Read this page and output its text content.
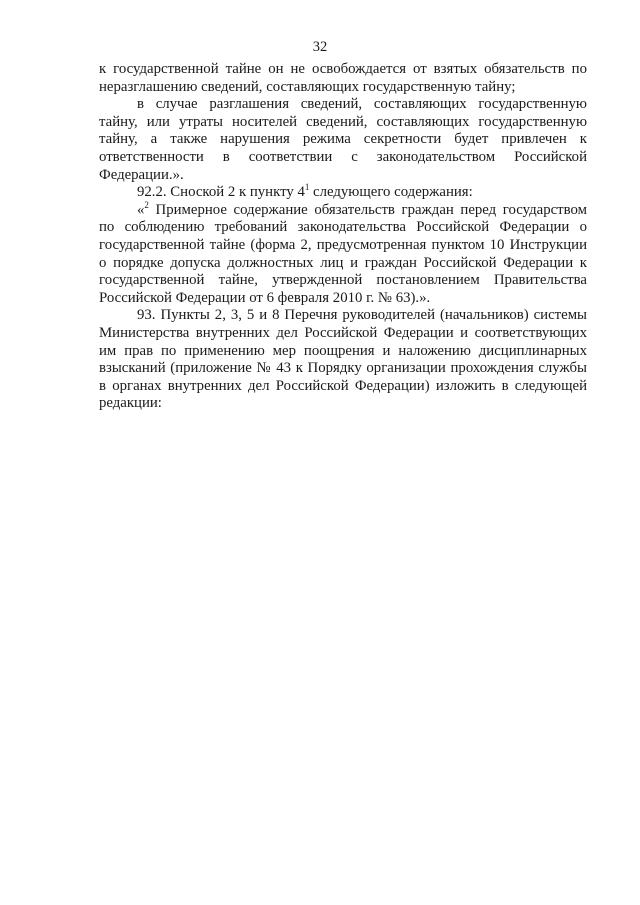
32

к государственной тайне он не освобождается от взятых обязательств по неразглашению сведений, составляющих государственную тайну;

в случае разглашения сведений, составляющих государственную тайну, или утраты носителей сведений, составляющих государственную тайну, а также нарушения режима секретности будет привлечен к ответственности в соответствии с законодательством Российской Федерации.».

92.2. Сноской 2 к пункту $4^1$ следующего содержания:

«$^2$ Примерное содержание обязательств граждан перед государством по соблюдению требований законодательства Российской Федерации о государственной тайне (форма 2, предусмотренная пунктом 10 Инструкции о порядке допуска должностных лиц и граждан Российской Федерации к государственной тайне, утвержденной постановлением Правительства Российской Федерации от 6 февраля 2010 г. № 63).».

93. Пункты 2, 3, 5 и 8 Перечня руководителей (начальников) системы Министерства внутренних дел Российской Федерации и соответствующих им прав по применению мер поощрения и наложению дисциплинарных взысканий (приложение № 43 к Порядку организации прохождения службы в органах внутренних дел Российской Федерации) изложить в следующей редакции:
